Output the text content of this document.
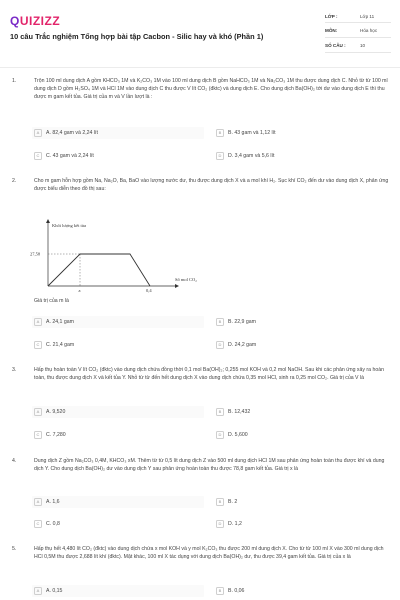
QUIZIZZ
10 câu Trắc nghiệm Tổng hợp bài tập Cacbon - Silic hay và khó (Phần 1)
LỚP :	Lớp 11
MÔN:	Hóa học
SỐ CÂU :	10
1.	Trộn 100 ml dung dịch A gồm KHCO₃ 1M và K₂CO₃ 1M vào 100 ml dung dịch B gồm NaHCO₃ 1M và Na₂CO₃ 1M thu được dung dịch C. Nhỏ từ từ 100 ml dung dịch D gồm H₂SO₄ 1M và HCl 1M vào dung dịch C thu được V lít CO₂ (đktc) và dung dịch E. Cho dung dịch Ba(OH)₂ tới dư vào dung dịch E thì thu được m gam kết tủa. Giá trị của m và V lần lượt là :
A A. 82,4 gam và 2,24 lít	B B. 43 gam và 1,12 lít
C C. 43 gam và 2,24 lít	D D. 3,4 gam và 5,6 lít
2.	Cho m gam hỗn hợp gồm Na, Na₂O, Ba, BaO vào lượng nước dư, thu được dung dịch X và a mol khí H₂. Sục khí CO₂ đến dư vào dung dịch X, phản ứng được biểu diễn theo đồ thị sau:
Khối lượng kết tủa
Số mol CO₂
27,58
a	0,4
Giá trị của m là
A A. 24,1 gam	B B. 22,9 gam
C C. 21,4 gam	D D. 24,2 gam
3.	Hấp thụ hoàn toàn V lít CO₂ (đktc) vào dung dịch chứa đồng thời 0,1 mol Ba(OH)₂; 0,255 mol KOH và 0,2 mol NaOH. Sau khi các phản ứng xảy ra hoàn toàn, thu được dung dịch X và kết tủa Y. Nhỏ từ từ đến hết dung dịch X vào dung dịch chứa 0,35 mol HCl, sinh ra 0,25 mol CO₂. Giá trị của V là
A A. 9,520	B B. 12,432
C C. 7,280	D D. 5,600
4.	Dung dịch Z gồm Na₂CO₃ 0,4M, KHCO₃ xM. Thêm từ từ 0,5 lít dung dịch Z vào 500 ml dung dịch HCl 1M sau phản ứng hoàn toàn thu được khí và dung dịch Y. Cho dung dịch Ba(OH)₂ dư vào dung dịch Y sau phản ứng hoàn toàn thu được 78,8 gam kết tủa. Giá trị x là
A A. 1,6	B B. 2
C C. 0,8	D D. 1,2
5.	Hấp thụ hết 4,480 lít CO₂ (đktc) vào dung dịch chứa x mol KOH và y mol K₂CO₃ thu được 200 ml dung dịch X. Cho từ từ 100 ml X vào 300 ml dung dịch HCl 0,5M thu được 2,688 lít khí (đktc). Mặt khác, 100 ml X tác dụng với dung dịch Ba(OH)₂ dư, thu được 39,4 gam kết tủa. Giá trị của x là
A A. 0,15	B B. 0,06
